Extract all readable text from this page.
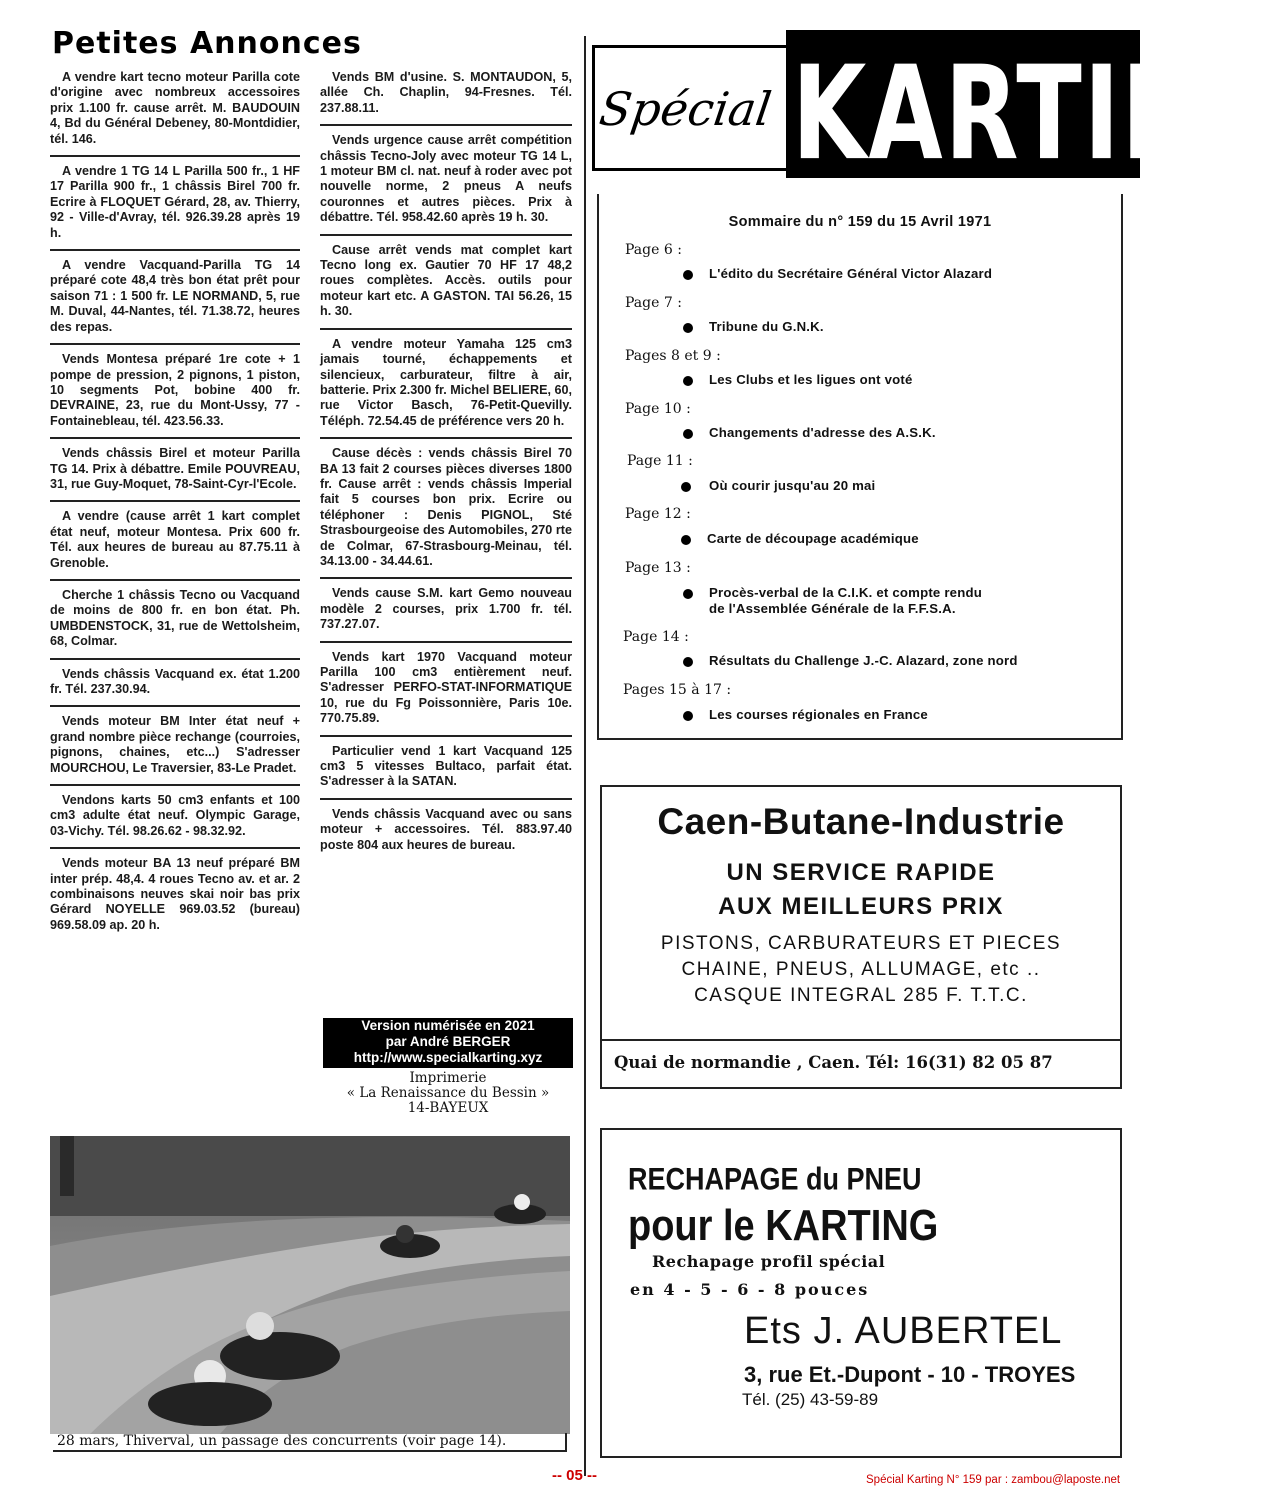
Petites Annonces

A vendre kart tecno moteur Parilla cote d'origine avec nombreux accessoires prix 1.100 fr. cause arrêt. M. BAUDOUIN 4, Bd du Général Debeney, 80-Montdidier, tél. 146.

A vendre 1 TG 14 L Parilla 500 fr., 1 HF 17 Parilla 900 fr., 1 châssis Birel 700 fr. Ecrire à FLOQUET Gérard, 28, av. Thierry, 92 - Ville-d'Avray, tél. 926.39.28 après 19 h.

A vendre Vacquand-Parilla TG 14 préparé cote 48,4 très bon état prêt pour saison 71 : 1 500 fr. LE NORMAND, 5, rue M. Duval, 44-Nantes, tél. 71.38.72, heures des repas.

Vends Montesa préparé 1re cote + 1 pompe de pression, 2 pignons, 1 piston, 10 segments Pot, bobine 400 fr. DEVRAINE, 23, rue du Mont-Ussy, 77 - Fontainebleau, tél. 423.56.33.

Vends châssis Birel et moteur Parilla TG 14. Prix à débattre. Emile POUVREAU, 31, rue Guy-Moquet, 78-Saint-Cyr-l'Ecole.

A vendre (cause arrêt 1 kart complet état neuf, moteur Montesa. Prix 600 fr. Tél. aux heures de bureau au 87.75.11 à Grenoble.

Cherche 1 châssis Tecno ou Vacquand de moins de 800 fr. en bon état. Ph. UMBDENSTOCK, 31, rue de Wettolsheim, 68, Colmar.

Vends châssis Vacquand ex. état 1.200 fr. Tél. 237.30.94.

Vends moteur BM Inter état neuf + grand nombre pièce rechange (courroies, pignons, chaines, etc...) S'adresser MOURCHOU, Le Traversier, 83-Le Pradet.

Vendons karts 50 cm3 enfants et 100 cm3 adulte état neuf. Olympic Garage, 03-Vichy. Tél. 98.26.62 - 98.32.92.

Vends moteur BA 13 neuf préparé BM inter prép. 48,4. 4 roues Tecno av. et ar. 2 combinaisons neuves skai noir bas prix Gérard NOYELLE 969.03.52 (bureau) 969.58.09 ap. 20 h.

Vends BM d'usine. S. MONTAUDON, 5, allée Ch. Chaplin, 94-Fresnes. Tél. 237.88.11.

Vends urgence cause arrêt compétition châssis Tecno-Joly avec moteur TG 14 L, 1 moteur BM cl. nat. neuf à roder avec pot nouvelle norme, 2 pneus A neufs couronnes et autres pièces. Prix à débattre. Tél. 958.42.60 après 19 h. 30.

Cause arrêt vends mat complet kart Tecno long ex. Gautier 70 HF 17 48,2 roues complètes. Accès. outils pour moteur kart etc. A GASTON. TAI 56.26, 15 h. 30.

A vendre moteur Yamaha 125 cm3 jamais tourné, échappements et silencieux, carburateur, filtre à air, batterie. Prix 2.300 fr. Michel BELIERE, 60, rue Victor Basch, 76-Petit-Quevilly. Téléph. 72.54.45 de préférence vers 20 h.

Cause décès : vends châssis Birel 70 BA 13 fait 2 courses pièces diverses 1800 fr. Cause arrêt : vends châssis Imperial fait 5 courses bon prix. Ecrire ou téléphoner : Denis PIGNOL, Sté Strasbourgeoise des Automobiles, 270 rte de Colmar, 67-Strasbourg-Meinau, tél. 34.13.00 - 34.44.61.

Vends cause S.M. kart Gemo nouveau modèle 2 courses, prix 1.700 fr. tél. 737.27.07.

Vends kart 1970 Vacquand moteur Parilla 100 cm3 entièrement neuf. S'adresser PERFO-STAT-INFORMATIQUE 10, rue du Fg Poissonnière, Paris 10e. 770.75.89.

Particulier vend 1 kart Vacquand 125 cm3 5 vitesses Bultaco, parfait état. S'adresser à la SATAN.

Vends châssis Vacquand avec ou sans moteur + accessoires. Tél. 883.97.40 poste 804 aux heures de bureau.

Spécial KARTING
Sommaire du n° 159 du 15 Avril 1971
Page 6 :
L'édito du Secrétaire Général Victor Alazard
Page 7 :
Tribune du G.N.K.
Pages 8 et 9 :
Les Clubs et les ligues ont voté
Page 10 :
Changements d'adresse des A.S.K.
Page 11 :
Où courir jusqu'au 20 mai
Page 12 :
Carte de découpage académique
Page 13 :
Procès-verbal de la C.I.K. et compte rendu
de l'Assemblée Générale de la F.F.S.A.
Page 14 :
Résultats du Challenge J.-C. Alazard, zone nord
Pages 15 à 17 :
Les courses régionales en France
Caen-Butane-Industrie
UN SERVICE RAPIDE
AUX MEILLEURS PRIX
PISTONS, CARBURATEURS ET PIECES
CHAINE, PNEUS, ALLUMAGE, etc ..
CASQUE INTEGRAL 285 F. T.T.C.
Quai de normandie , Caen. Tél: 16(31) 82 05 87
RECHAPAGE du PNEU
pour le KARTING
Rechapage profil spécial
en 4 - 5 - 6 - 8 pouces
Ets J. AUBERTEL
3, rue Et.-Dupont - 10 - TROYES
Tél. (25) 43-59-89
Version numérisée en 2021
par André BERGER
http://www.specialkarting.xyz
Imprimerie
« La Renaissance du Bessin »
14-BAYEUX
28 mars, Thiverval, un passage des concurrents (voir page 14).
-- 05 --	Spécial Karting N° 159 par : zambou@laposte.net
